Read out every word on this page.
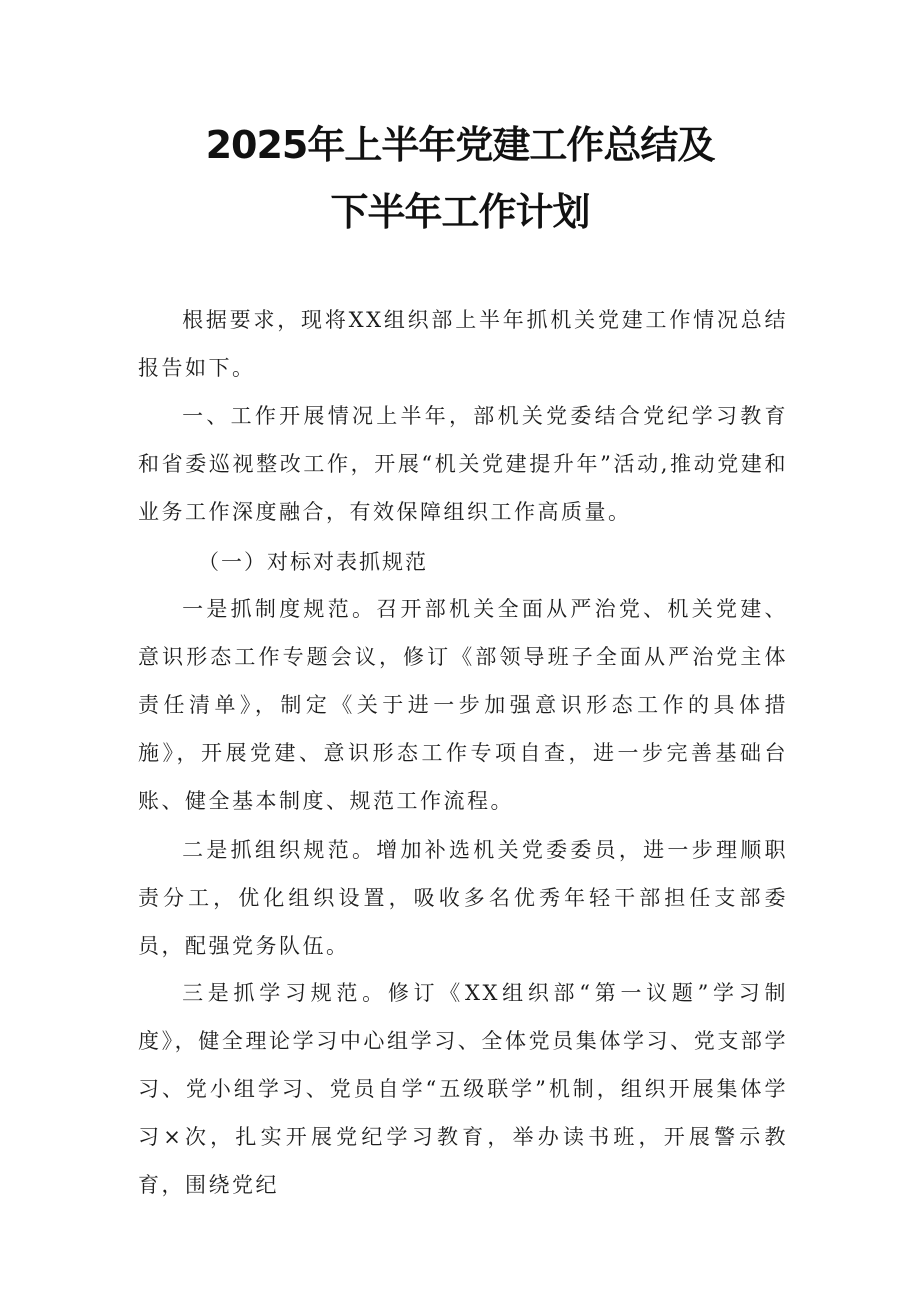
2025年上半年党建工作总结及
下半年工作计划

根据要求，现将XX组织部上半年抓机关党建工作情况总结报告如下。

一、工作开展情况上半年，部机关党委结合党纪学习教育和省委巡视整改工作，开展“机关党建提升年”活动,推动党建和业务工作深度融合，有效保障组织工作高质量。

（一）对标对表抓规范

一是抓制度规范。召开部机关全面从严治党、机关党建、意识形态工作专题会议，修订《部领导班子全面从严治党主体责任清单》，制定《关于进一步加强意识形态工作的具体措施》，开展党建、意识形态工作专项自查，进一步完善基础台账、健全基本制度、规范工作流程。

二是抓组织规范。增加补选机关党委委员，进一步理顺职责分工，优化组织设置，吸收多名优秀年轻干部担任支部委员，配强党务队伍。

三是抓学习规范。修订《XX组织部“第一议题”学习制度》，健全理论学习中心组学习、全体党员集体学习、党支部学习、党小组学习、党员自学“五级联学”机制，组织开展集体学习×次，扎实开展党纪学习教育，举办读书班，开展警示教育，围绕党纪
